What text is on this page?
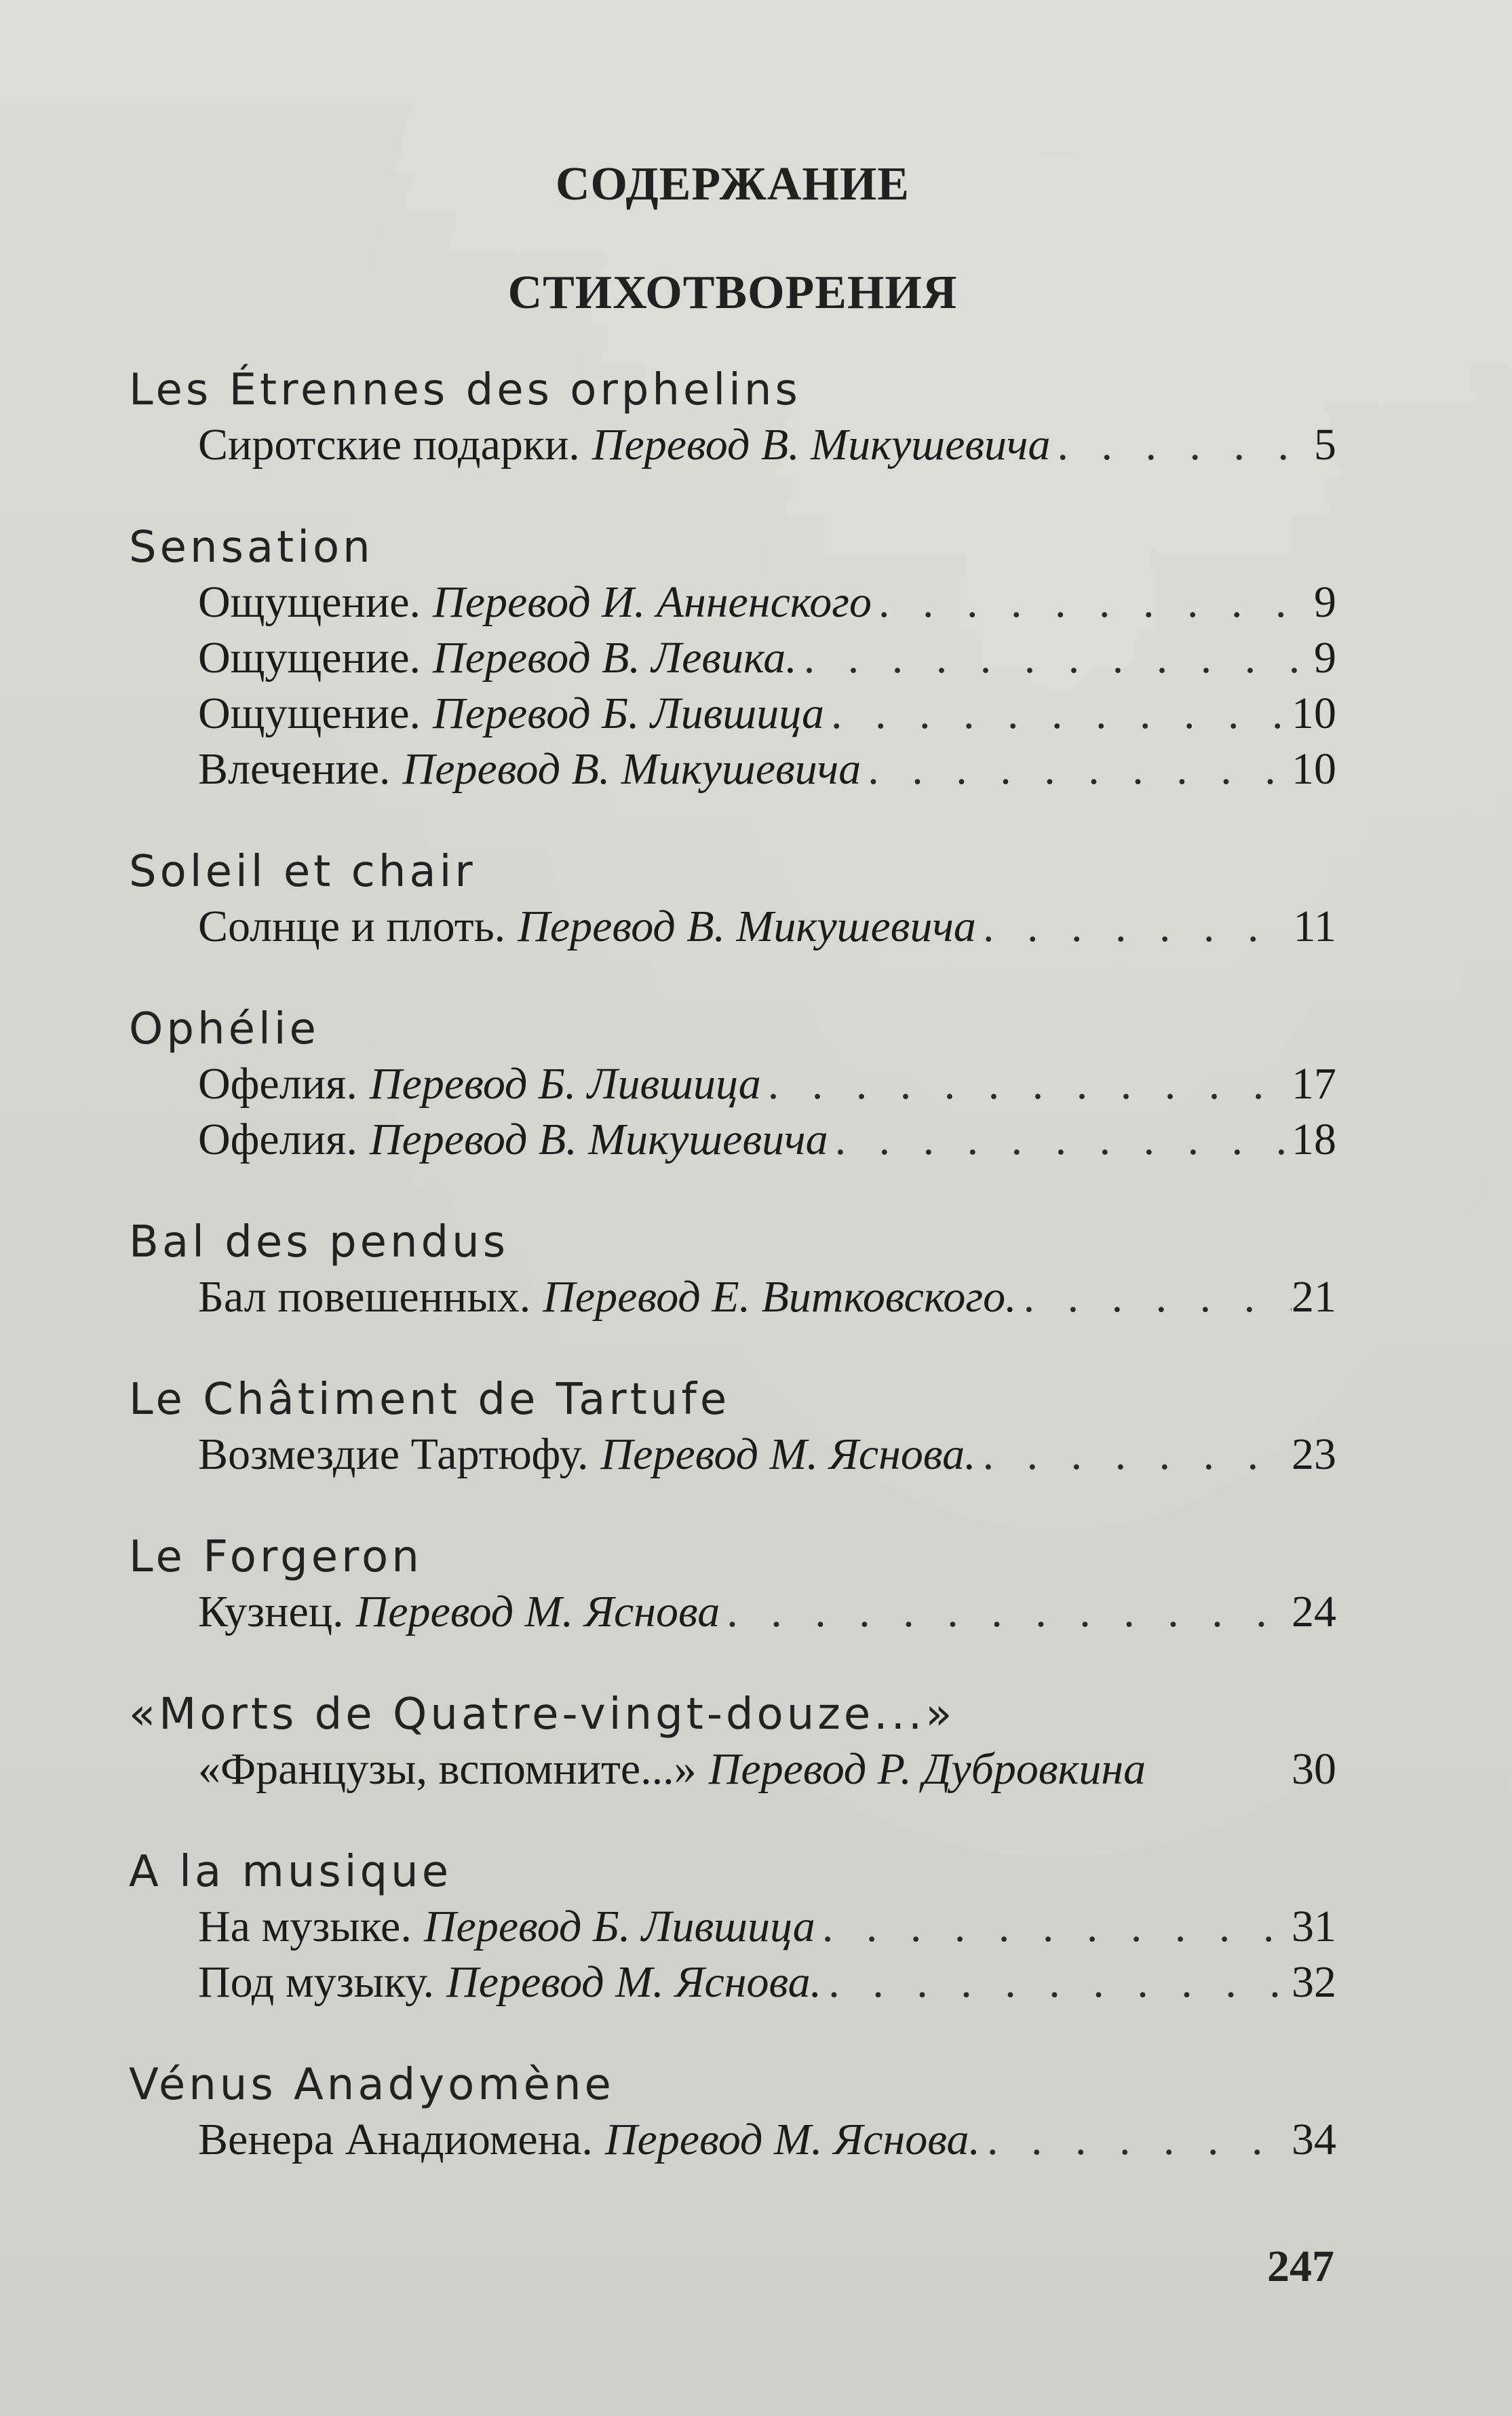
СОДЕРЖАНИЕ
СТИХОТВОРЕНИЯ
Les Étrennes des orphelins
Сиротские подарки. Перевод В. Микушевича . . .	5
Sensation
Ощущение. Перевод И. Анненского . . .	9
Ощущение. Перевод В. Левика. . . .	9
Ощущение. Перевод Б. Лившица . . .	10
Влечение. Перевод В. Микушевича . . .	10
Soleil et chair
Солнце и плоть. Перевод В. Микушевича . . .	11
Ophélie
Офелия. Перевод Б. Лившица . . .	17
Офелия. Перевод В. Микушевича . . .	18
Bal des pendus
Бал повешенных. Перевод Е. Витковского. . . .	21
Le Châtiment de Tartufe
Возмездие Тартюфу. Перевод М. Яснова. . . .	23
Le Forgeron
Кузнец. Перевод М. Яснова . . .	24
«Morts de Quatre-vingt-douze...»
«Французы, вспомните...» Перевод Р. Дубровкина	30
A la musique
На музыке. Перевод Б. Лившица . . .	31
Под музыку. Перевод М. Яснова. . . .	32
Vénus Anadyomène
Венера Анадиомена. Перевод М. Яснова. . . .	34
247
